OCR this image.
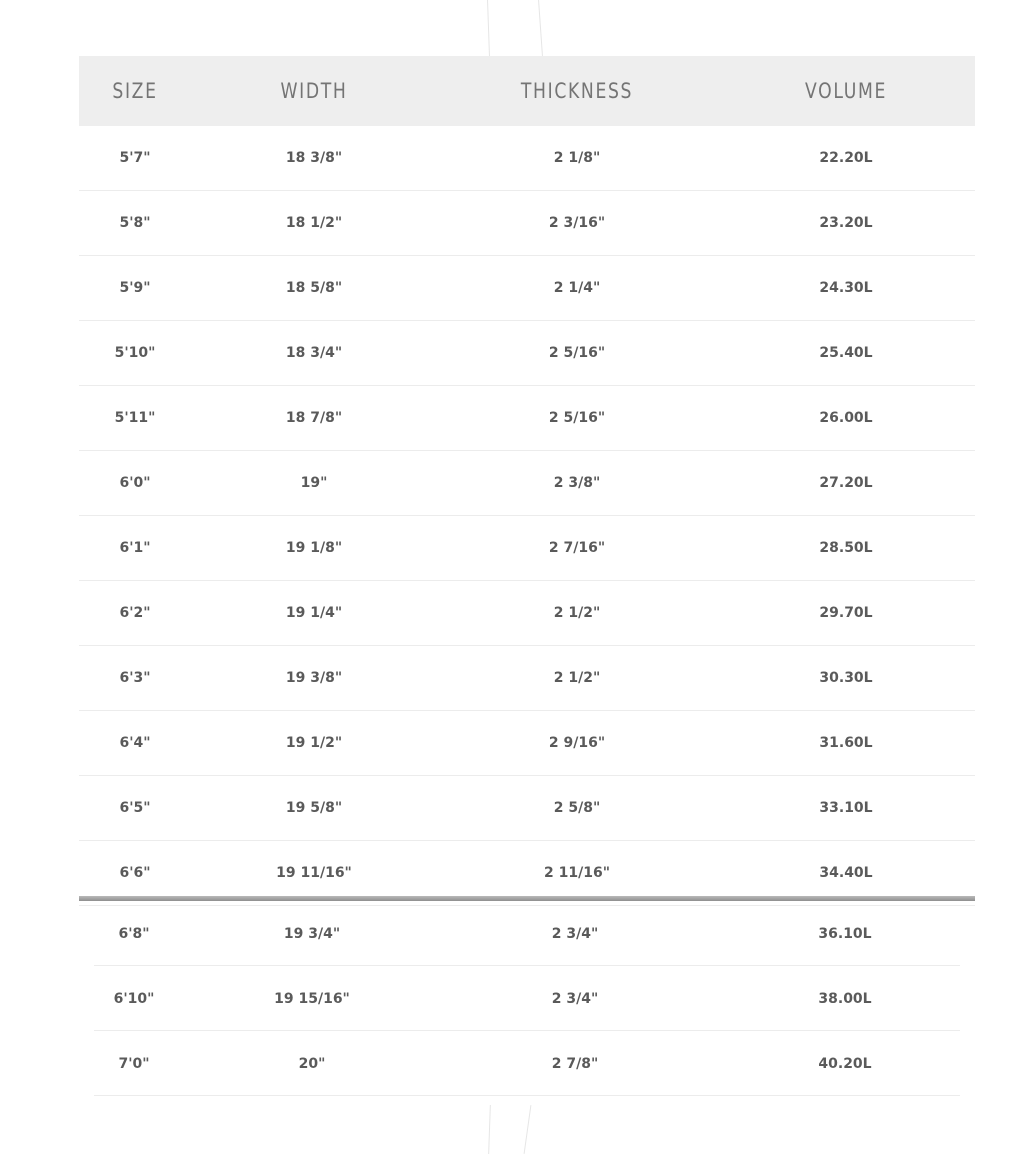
SIZE	WIDTH	THICKNESS	VOLUME
5'7"	18 3/8"	2 1/8"	22.20L
5'8"	18 1/2"	2 3/16"	23.20L
5'9"	18 5/8"	2 1/4"	24.30L
5'10"	18 3/4"	2 5/16"	25.40L
5'11"	18 7/8"	2 5/16"	26.00L
6'0"	19"	2 3/8"	27.20L
6'1"	19 1/8"	2 7/16"	28.50L
6'2"	19 1/4"	2 1/2"	29.70L
6'3"	19 3/8"	2 1/2"	30.30L
6'4"	19 1/2"	2 9/16"	31.60L
6'5"	19 5/8"	2 5/8"	33.10L
6'6"	19 11/16"	2 11/16"	34.40L
6'8"	19 3/4"	2 3/4"	36.10L
6'10"	19 15/16"	2 3/4"	38.00L
7'0"	20"	2 7/8"	40.20L
